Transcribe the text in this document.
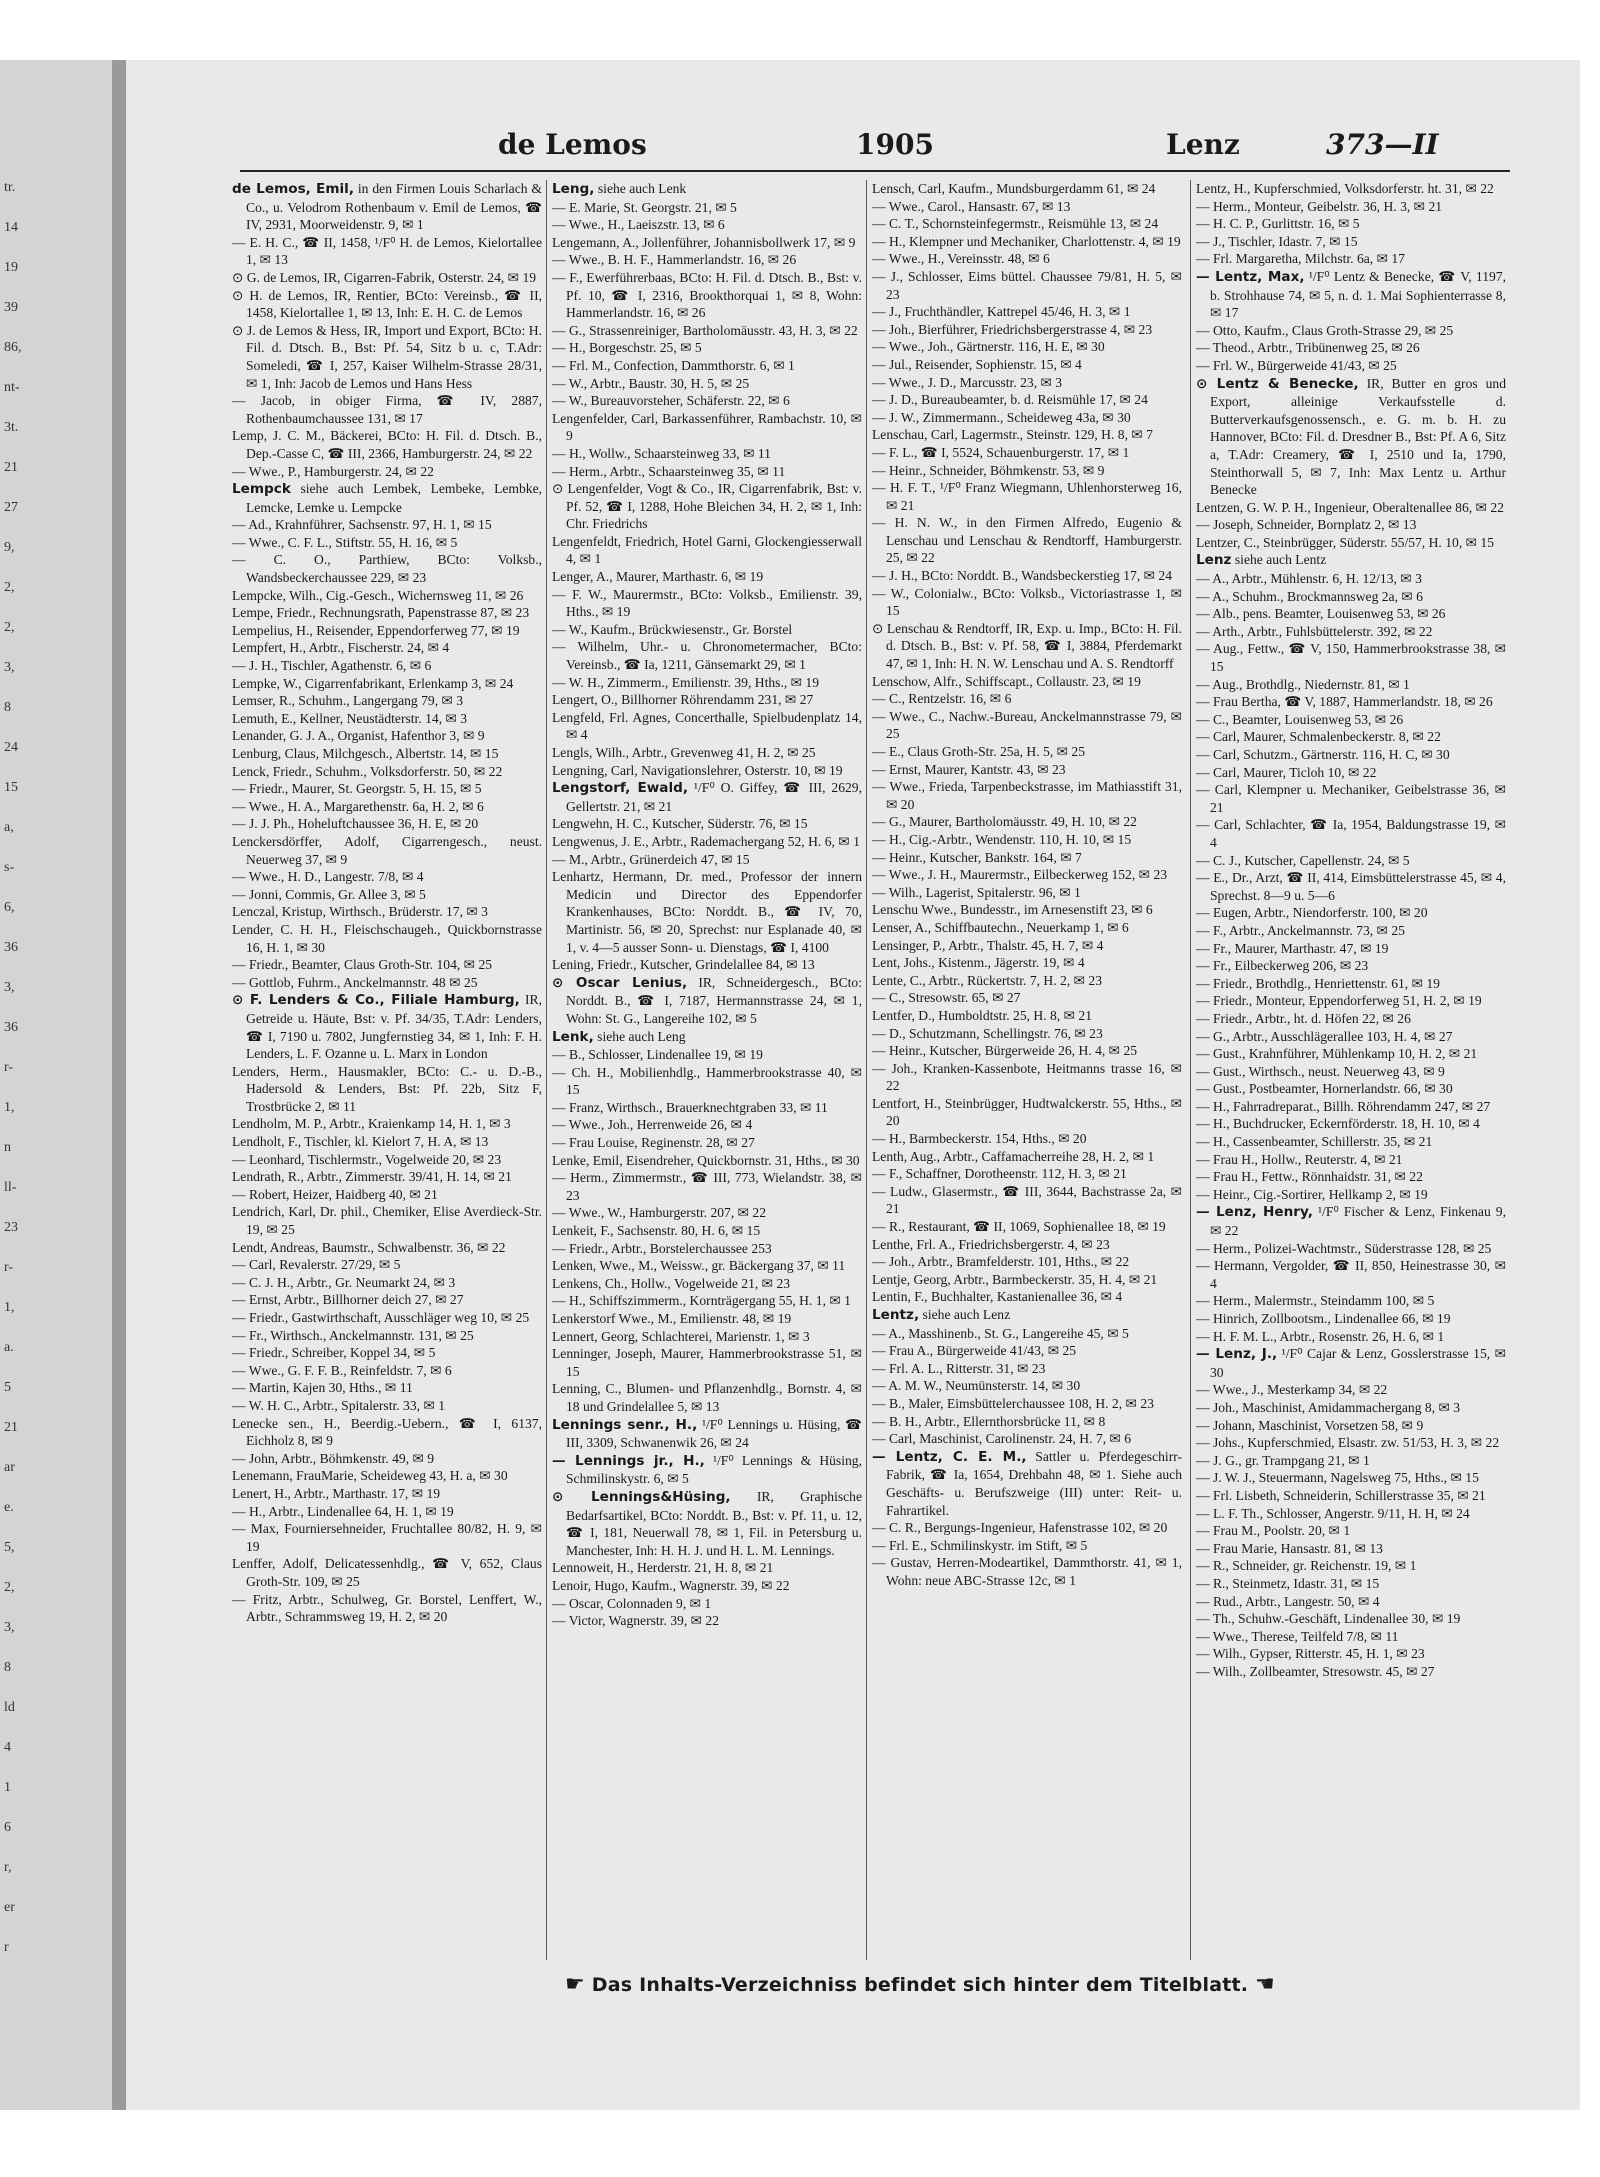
tr.
14
19
39
86,
nt-
3t.
21
27
9,
2,
2,
3,
8
24
15
a,
s-
6,
36
3,
36
r-
1,
n
ll-
23
r-
1,
a.
5
21
ar
e.
5,
2,
3,
8
ld
4
1
6
r,
er
r
de Lemos	1905	Lenz	373—II

de Lemos, Emil, in den Firmen Louis Scharlach & Co., u. Velodrom Rothenbaum v. Emil de Lemos, ☎ IV, 2931, Moorweidenstr. 9, ✉ 1

— E. H. C., ☎ II, 1458, ¹/F⁰ H. de Lemos, Kielortallee 1, ✉ 13

⊙ G. de Lemos, IR, Cigarren-Fabrik, Osterstr. 24, ✉ 19

⊙ H. de Lemos, IR, Rentier, BCto: Vereinsb., ☎ II, 1458, Kielortallee 1, ✉ 13, Inh: E. H. C. de Lemos

⊙ J. de Lemos & Hess, IR, Import und Export, BCto: H. Fil. d. Dtsch. B., Bst: Pf. 54, Sitz b u. c, T.Adr: Someledi, ☎ I, 257, Kaiser Wilhelm-Strasse 28/31, ✉ 1, Inh: Jacob de Lemos und Hans Hess

— Jacob, in obiger Firma, ☎ IV, 2887, Rothenbaumchaussee 131, ✉ 17

Lemp, J. C. M., Bäckerei, BCto: H. Fil. d. Dtsch. B., Dep.-Casse C, ☎ III, 2366, Hamburgerstr. 24, ✉ 22

— Wwe., P., Hamburgerstr. 24, ✉ 22

Lempck siehe auch Lembek, Lembeke, Lembke, Lemcke, Lemke u. Lempcke

— Ad., Krahnführer, Sachsenstr. 97, H. 1, ✉ 15

— Wwe., C. F. L., Stiftstr. 55, H. 16, ✉ 5

— C. O., Parthiew, BCto: Volksb., Wandsbeckerchaussee 229, ✉ 23

Lempcke, Wilh., Cig.-Gesch., Wichernsweg 11, ✉ 26

Lempe, Friedr., Rechnungsrath, Papenstrasse 87, ✉ 23

Lempelius, H., Reisender, Eppendorferweg 77, ✉ 19

Lempfert, H., Arbtr., Fischerstr. 24, ✉ 4

— J. H., Tischler, Agathenstr. 6, ✉ 6

Lempke, W., Cigarrenfabrikant, Erlenkamp 3, ✉ 24

Lemser, R., Schuhm., Langergang 79, ✉ 3

Lemuth, E., Kellner, Neustädterstr. 14, ✉ 3

Lenander, G. J. A., Organist, Hafenthor 3, ✉ 9

Lenburg, Claus, Milchgesch., Albertstr. 14, ✉ 15

Lenck, Friedr., Schuhm., Volksdorferstr. 50, ✉ 22

— Friedr., Maurer, St. Georgstr. 5, H. 15, ✉ 5

— Wwe., H. A., Margarethenstr. 6a, H. 2, ✉ 6

— J. J. Ph., Hoheluftchaussee 36, H. E, ✉ 20

Lenckersdörffer, Adolf, Cigarrengesch., neust. Neuerweg 37, ✉ 9

— Wwe., H. D., Langestr. 7/8, ✉ 4

— Jonni, Commis, Gr. Allee 3, ✉ 5

Lenczal, Kristup, Wirthsch., Brüderstr. 17, ✉ 3

Lender, C. H. H., Fleischschaugeh., Quickbornstrasse 16, H. 1, ✉ 30

— Friedr., Beamter, Claus Groth-Str. 104, ✉ 25

— Gottlob, Fuhrm., Anckelmannstr. 48 ✉ 25

⊙ F. Lenders & Co., Filiale Hamburg, IR, Getreide u. Häute, Bst: v. Pf. 34/35, T.Adr: Lenders, ☎ I, 7190 u. 7802, Jungfernstieg 34, ✉ 1, Inh: F. H. Lenders, L. F. Ozanne u. L. Marx in London

Lenders, Herm., Hausmakler, BCto: C.- u. D.-B., Hadersold & Lenders, Bst: Pf. 22b, Sitz F, Trostbrücke 2, ✉ 11

Lendholm, M. P., Arbtr., Kraienkamp 14, H. 1, ✉ 3

Lendholt, F., Tischler, kl. Kielort 7, H. A, ✉ 13

— Leonhard, Tischlermstr., Vogelweide 20, ✉ 23

Lendrath, R., Arbtr., Zimmerstr. 39/41, H. 14, ✉ 21

— Robert, Heizer, Haidberg 40, ✉ 21

Lendrich, Karl, Dr. phil., Chemiker, Elise Averdieck-Str. 19, ✉ 25

Lendt, Andreas, Baumstr., Schwalbenstr. 36, ✉ 22

— Carl, Revalerstr. 27/29, ✉ 5

— C. J. H., Arbtr., Gr. Neumarkt 24, ✉ 3

— Ernst, Arbtr., Billhorner deich 27, ✉ 27

— Friedr., Gastwirthschaft, Ausschläger weg 10, ✉ 25

— Fr., Wirthsch., Anckelmannstr. 131, ✉ 25

— Friedr., Schreiber, Koppel 34, ✉ 5

— Wwe., G. F. F. B., Reinfeldstr. 7, ✉ 6

— Martin, Kajen 30, Hths., ✉ 11

— W. H. C., Arbtr., Spitalerstr. 33, ✉ 1

Lenecke sen., H., Beerdig.-Uebern., ☎ I, 6137, Eichholz 8, ✉ 9

— John, Arbtr., Böhmkenstr. 49, ✉ 9

Lenemann, FrauMarie, Scheideweg 43, H. a, ✉ 30

Lenert, H., Arbtr., Marthastr. 17, ✉ 19

— H., Arbtr., Lindenallee 64, H. 1, ✉ 19

— Max, Fourniersehneider, Fruchtallee 80/82, H. 9, ✉ 19

Lenffer, Adolf, Delicatessenhdlg., ☎ V, 652, Claus Groth-Str. 109, ✉ 25

— Fritz, Arbtr., Schulweg, Gr. Borstel, Lenffert, W., Arbtr., Schrammsweg 19, H. 2, ✉ 20

Leng, siehe auch Lenk

— E. Marie, St. Georgstr. 21, ✉ 5

— Wwe., H., Laeiszstr. 13, ✉ 6

Lengemann, A., Jollenführer, Johannisbollwerk 17, ✉ 9

— Wwe., B. H. F., Hammerlandstr. 16, ✉ 26

— F., Ewerführerbaas, BCto: H. Fil. d. Dtsch. B., Bst: v. Pf. 10, ☎ I, 2316, Brookthorquai 1, ✉ 8, Wohn: Hammerlandstr. 16, ✉ 26

— G., Strassenreiniger, Bartholomäusstr. 43, H. 3, ✉ 22

— H., Borgeschstr. 25, ✉ 5

— Frl. M., Confection, Dammthorstr. 6, ✉ 1

— W., Arbtr., Baustr. 30, H. 5, ✉ 25

— W., Bureauvorsteher, Schäferstr. 22, ✉ 6

Lengenfelder, Carl, Barkassenführer, Rambachstr. 10, ✉ 9

— H., Wollw., Schaarsteinweg 33, ✉ 11

— Herm., Arbtr., Schaarsteinweg 35, ✉ 11

⊙ Lengenfelder, Vogt & Co., IR, Cigarrenfabrik, Bst: v. Pf. 52, ☎ I, 1288, Hohe Bleichen 34, H. 2, ✉ 1, Inh: Chr. Friedrichs

Lengenfeldt, Friedrich, Hotel Garni, Glockengiesserwall 4, ✉ 1

Lenger, A., Maurer, Marthastr. 6, ✉ 19

— F. W., Maurermstr., BCto: Volksb., Emilienstr. 39, Hths., ✉ 19

— W., Kaufm., Brückwiesenstr., Gr. Borstel

— Wilhelm, Uhr.- u. Chronometermacher, BCto: Vereinsb., ☎ Ia, 1211, Gänsemarkt 29, ✉ 1

— W. H., Zimmerm., Emilienstr. 39, Hths., ✉ 19

Lengert, O., Billhorner Röhrendamm 231, ✉ 27

Lengfeld, Frl. Agnes, Concerthalle, Spielbudenplatz 14, ✉ 4

Lengls, Wilh., Arbtr., Grevenweg 41, H. 2, ✉ 25

Lengning, Carl, Navigationslehrer, Osterstr. 10, ✉ 19

Lengstorf, Ewald, ¹/F⁰ O. Giffey, ☎ III, 2629, Gellertstr. 21, ✉ 21

Lengwehn, H. C., Kutscher, Süderstr. 76, ✉ 15

Lengwenus, J. E., Arbtr., Rademachergang 52, H. 6, ✉ 1

— M., Arbtr., Grünerdeich 47, ✉ 15

Lenhartz, Hermann, Dr. med., Professor der innern Medicin und Director des Eppendorfer Krankenhauses, BCto: Norddt. B., ☎ IV, 70, Martinistr. 56, ✉ 20, Sprechst: nur Esplanade 40, ✉ 1, v. 4—5 ausser Sonn- u. Dienstags, ☎ I, 4100

Lening, Friedr., Kutscher, Grindelallee 84, ✉ 13

⊙ Oscar Lenius, IR, Schneidergesch., BCto: Norddt. B., ☎ I, 7187, Hermannstrasse 24, ✉ 1, Wohn: St. G., Langereihe 102, ✉ 5

Lenk, siehe auch Leng

— B., Schlosser, Lindenallee 19, ✉ 19

— Ch. H., Mobilienhdlg., Hammerbrookstrasse 40, ✉ 15

— Franz, Wirthsch., Brauerknechtgraben 33, ✉ 11

— Wwe., Joh., Herrenweide 26, ✉ 4

— Frau Louise, Reginenstr. 28, ✉ 27

Lenke, Emil, Eisendreher, Quickbornstr. 31, Hths., ✉ 30

— Herm., Zimmermstr., ☎ III, 773, Wielandstr. 38, ✉ 23

— Wwe., W., Hamburgerstr. 207, ✉ 22

Lenkeit, F., Sachsenstr. 80, H. 6, ✉ 15

— Friedr., Arbtr., Borstelerchaussee 253

Lenken, Wwe., M., Weissw., gr. Bäckergang 37, ✉ 11

Lenkens, Ch., Hollw., Vogelweide 21, ✉ 23

— H., Schiffszimmerm., Kornträgergang 55, H. 1, ✉ 1

Lenkerstorf Wwe., M., Emilienstr. 48, ✉ 19

Lennert, Georg, Schlachterei, Marienstr. 1, ✉ 3

Lenninger, Joseph, Maurer, Hammerbrookstrasse 51, ✉ 15

Lenning, C., Blumen- und Pflanzenhdlg., Bornstr. 4, ✉ 18 und Grindelallee 5, ✉ 13

Lennings senr., H., ¹/F⁰ Lennings u. Hüsing, ☎ III, 3309, Schwanenwik 26, ✉ 24

— Lennings jr., H., ¹/F⁰ Lennings & Hüsing, Schmilinskystr. 6, ✉ 5

⊙ Lennings&Hüsing, IR, Graphische Bedarfsartikel, BCto: Norddt. B., Bst: v. Pf. 11, u. 12, ☎ I, 181, Neuerwall 78, ✉ 1, Fil. in Petersburg u. Manchester, Inh: H. H. J. und H. L. M. Lennings.

Lennoweit, H., Herderstr. 21, H. 8, ✉ 21

Lenoir, Hugo, Kaufm., Wagnerstr. 39, ✉ 22

— Oscar, Colonnaden 9, ✉ 1

— Victor, Wagnerstr. 39, ✉ 22

Lensch, Carl, Kaufm., Mundsburgerdamm 61, ✉ 24

— Wwe., Carol., Hansastr. 67, ✉ 13

— C. T., Schornsteinfegermstr., Reismühle 13, ✉ 24

— H., Klempner und Mechaniker, Charlottenstr. 4, ✉ 19

— Wwe., H., Vereinsstr. 48, ✉ 6

— J., Schlosser, Eims büttel. Chaussee 79/81, H. 5, ✉ 23

— J., Fruchthändler, Kattrepel 45/46, H. 3, ✉ 1

— Joh., Bierführer, Friedrichsbergerstrasse 4, ✉ 23

— Wwe., Joh., Gärtnerstr. 116, H. E, ✉ 30

— Jul., Reisender, Sophienstr. 15, ✉ 4

— Wwe., J. D., Marcusstr. 23, ✉ 3

— J. D., Bureaubeamter, b. d. Reismühle 17, ✉ 24

— J. W., Zimmermann., Scheideweg 43a, ✉ 30

Lenschau, Carl, Lagermstr., Steinstr. 129, H. 8, ✉ 7

— F. L., ☎ I, 5524, Schauenburgerstr. 17, ✉ 1

— Heinr., Schneider, Böhmkenstr. 53, ✉ 9

— H. F. T., ¹/F⁰ Franz Wiegmann, Uhlenhorsterweg 16, ✉ 21

— H. N. W., in den Firmen Alfredo, Eugenio & Lenschau und Lenschau & Rendtorff, Hamburgerstr. 25, ✉ 22

— J. H., BCto: Norddt. B., Wandsbeckerstieg 17, ✉ 24

— W., Colonialw., BCto: Volksb., Victoriastrasse 1, ✉ 15

⊙ Lenschau & Rendtorff, IR, Exp. u. Imp., BCto: H. Fil. d. Dtsch. B., Bst: v. Pf. 58, ☎ I, 3884, Pferdemarkt 47, ✉ 1, Inh: H. N. W. Lenschau und A. S. Rendtorff

Lenschow, Alfr., Schiffscapt., Collaustr. 23, ✉ 19

— C., Rentzelstr. 16, ✉ 6

— Wwe., C., Nachw.-Bureau, Anckelmannstrasse 79, ✉ 25

— E., Claus Groth-Str. 25a, H. 5, ✉ 25

— Ernst, Maurer, Kantstr. 43, ✉ 23

— Wwe., Frieda, Tarpenbeckstrasse, im Mathiasstift 31, ✉ 20

— G., Maurer, Bartholomäusstr. 49, H. 10, ✉ 22

— H., Cig.-Arbtr., Wendenstr. 110, H. 10, ✉ 15

— Heinr., Kutscher, Bankstr. 164, ✉ 7

— Wwe., J. H., Maurermstr., Eilbeckerweg 152, ✉ 23

— Wilh., Lagerist, Spitalerstr. 96, ✉ 1

Lenschu Wwe., Bundesstr., im Arnesenstift 23, ✉ 6

Lenser, A., Schiffbautechn., Neuerkamp 1, ✉ 6

Lensinger, P., Arbtr., Thalstr. 45, H. 7, ✉ 4

Lent, Johs., Kistenm., Jägerstr. 19, ✉ 4

Lente, C., Arbtr., Rückertstr. 7, H. 2, ✉ 23

— C., Stresowstr. 65, ✉ 27

Lentfer, D., Humboldtstr. 25, H. 8, ✉ 21

— D., Schutzmann, Schellingstr. 76, ✉ 23

— Heinr., Kutscher, Bürgerweide 26, H. 4, ✉ 25

— Joh., Kranken-Kassenbote, Heitmanns trasse 16, ✉ 22

Lentfort, H., Steinbrügger, Hudtwalckerstr. 55, Hths., ✉ 20

— H., Barmbeckerstr. 154, Hths., ✉ 20

Lenth, Aug., Arbtr., Caffamacherreihe 28, H. 2, ✉ 1

— F., Schaffner, Dorotheenstr. 112, H. 3, ✉ 21

— Ludw., Glasermstr., ☎ III, 3644, Bachstrasse 2a, ✉ 21

— R., Restaurant, ☎ II, 1069, Sophienallee 18, ✉ 19

Lenthe, Frl. A., Friedrichsbergerstr. 4, ✉ 23

— Joh., Arbtr., Bramfelderstr. 101, Hths., ✉ 22

Lentje, Georg, Arbtr., Barmbeckerstr. 35, H. 4, ✉ 21

Lentin, F., Buchhalter, Kastanienallee 36, ✉ 4

Lentz, siehe auch Lenz

— A., Masshinenb., St. G., Langereihe 45, ✉ 5

— Frau A., Bürgerweide 41/43, ✉ 25

— Frl. A. L., Ritterstr. 31, ✉ 23

— A. M. W., Neumünsterstr. 14, ✉ 30

— B., Maler, Eimsbüttelerchaussee 108, H. 2, ✉ 23

— B. H., Arbtr., Ellernthorsbrücke 11, ✉ 8

— Carl, Maschinist, Carolinenstr. 24, H. 7, ✉ 6

— Lentz, C. E. M., Sattler u. Pferdegeschirr-Fabrik, ☎ Ia, 1654, Drehbahn 48, ✉ 1. Siehe auch Geschäfts- u. Berufszweige (III) unter: Reit- u. Fahrartikel.

— C. R., Bergungs-Ingenieur, Hafenstrasse 102, ✉ 20

— Frl. E., Schmilinskystr. im Stift, ✉ 5

— Gustav, Herren-Modeartikel, Dammthorstr. 41, ✉ 1, Wohn: neue ABC-Strasse 12c, ✉ 1

Lentz, H., Kupferschmied, Volksdorferstr. ht. 31, ✉ 22

— Herm., Monteur, Geibelstr. 36, H. 3, ✉ 21

— H. C. P., Gurlittstr. 16, ✉ 5

— J., Tischler, Idastr. 7, ✉ 15

— Frl. Margaretha, Milchstr. 6a, ✉ 17

— Lentz, Max, ¹/F⁰ Lentz & Benecke, ☎ V, 1197, b. Strohhause 74, ✉ 5, n. d. 1. Mai Sophienterrasse 8, ✉ 17

— Otto, Kaufm., Claus Groth-Strasse 29, ✉ 25

— Theod., Arbtr., Tribünenweg 25, ✉ 26

— Frl. W., Bürgerweide 41/43, ✉ 25

⊙ Lentz & Benecke, IR, Butter en gros und Export, alleinige Verkaufsstelle d. Butterverkaufsgenossensch., e. G. m. b. H. zu Hannover, BCto: Fil. d. Dresdner B., Bst: Pf. A 6, Sitz a, T.Adr: Creamery, ☎ I, 2510 und Ia, 1790, Steinthorwall 5, ✉ 7, Inh: Max Lentz u. Arthur Benecke

Lentzen, G. W. P. H., Ingenieur, Oberaltenallee 86, ✉ 22

— Joseph, Schneider, Bornplatz 2, ✉ 13

Lentzer, C., Steinbrügger, Süderstr. 55/57, H. 10, ✉ 15

Lenz siehe auch Lentz

— A., Arbtr., Mühlenstr. 6, H. 12/13, ✉ 3

— A., Schuhm., Brockmannsweg 2a, ✉ 6

— Alb., pens. Beamter, Louisenweg 53, ✉ 26

— Arth., Arbtr., Fuhlsbüttelerstr. 392, ✉ 22

— Aug., Fettw., ☎ V, 150, Hammerbrookstrasse 38, ✉ 15

— Aug., Brothdlg., Niedernstr. 81, ✉ 1

— Frau Bertha, ☎ V, 1887, Hammerlandstr. 18, ✉ 26

— C., Beamter, Louisenweg 53, ✉ 26

— Carl, Maurer, Schmalenbeckerstr. 8, ✉ 22

— Carl, Schutzm., Gärtnerstr. 116, H. C, ✉ 30

— Carl, Maurer, Ticloh 10, ✉ 22

— Carl, Klempner u. Mechaniker, Geibelstrasse 36, ✉ 21

— Carl, Schlachter, ☎ Ia, 1954, Baldungstrasse 19, ✉ 4

— C. J., Kutscher, Capellenstr. 24, ✉ 5

— E., Dr., Arzt, ☎ II, 414, Eimsbüttelerstrasse 45, ✉ 4, Sprechst. 8—9 u. 5—6

— Eugen, Arbtr., Niendorferstr. 100, ✉ 20

— F., Arbtr., Anckelmannstr. 73, ✉ 25

— Fr., Maurer, Marthastr. 47, ✉ 19

— Fr., Eilbeckerweg 206, ✉ 23

— Friedr., Brothdlg., Henriettenstr. 61, ✉ 19

— Friedr., Monteur, Eppendorferweg 51, H. 2, ✉ 19

— Friedr., Arbtr., ht. d. Höfen 22, ✉ 26

— G., Arbtr., Ausschlägerallee 103, H. 4, ✉ 27

— Gust., Krahnführer, Mühlenkamp 10, H. 2, ✉ 21

— Gust., Wirthsch., neust. Neuerweg 43, ✉ 9

— Gust., Postbeamter, Hornerlandstr. 66, ✉ 30

— H., Fahrradreparat., Billh. Röhrendamm 247, ✉ 27

— H., Buchdrucker, Eckernförderstr. 18, H. 10, ✉ 4

— H., Cassenbeamter, Schillerstr. 35, ✉ 21

— Frau H., Hollw., Reuterstr. 4, ✉ 21

— Frau H., Fettw., Rönnhaidstr. 31, ✉ 22

— Heinr., Cig.-Sortirer, Hellkamp 2, ✉ 19

— Lenz, Henry, ¹/F⁰ Fischer & Lenz, Finkenau 9, ✉ 22

— Herm., Polizei-Wachtmstr., Süderstrasse 128, ✉ 25

— Hermann, Vergolder, ☎ II, 850, Heinestrasse 30, ✉ 4

— Herm., Malermstr., Steindamm 100, ✉ 5

— Hinrich, Zollbootsm., Lindenallee 66, ✉ 19

— H. F. M. L., Arbtr., Rosenstr. 26, H. 6, ✉ 1

— Lenz, J., ¹/F⁰ Cajar & Lenz, Gosslerstrasse 15, ✉ 30

— Wwe., J., Mesterkamp 34, ✉ 22

— Joh., Maschinist, Amidammachergang 8, ✉ 3

— Johann, Maschinist, Vorsetzen 58, ✉ 9

— Johs., Kupferschmied, Elsastr. zw. 51/53, H. 3, ✉ 22

— J. G., gr. Trampgang 21, ✉ 1

— J. W. J., Steuermann, Nagelsweg 75, Hths., ✉ 15

— Frl. Lisbeth, Schneiderin, Schillerstrasse 35, ✉ 21

— L. F. Th., Schlosser, Angerstr. 9/11, H. H, ✉ 24

— Frau M., Poolstr. 20, ✉ 1

— Frau Marie, Hansastr. 81, ✉ 13

— R., Schneider, gr. Reichenstr. 19, ✉ 1

— R., Steinmetz, Idastr. 31, ✉ 15

— Rud., Arbtr., Langestr. 50, ✉ 4

— Th., Schuhw.-Geschäft, Lindenallee 30, ✉ 19

— Wwe., Therese, Teilfeld 7/8, ✉ 11

— Wilh., Gypser, Ritterstr. 45, H. 1, ✉ 23

— Wilh., Zollbeamter, Stresowstr. 45, ✉ 27

☛ Das Inhalts-Verzeichniss befindet sich hinter dem Titelblatt. ☚
